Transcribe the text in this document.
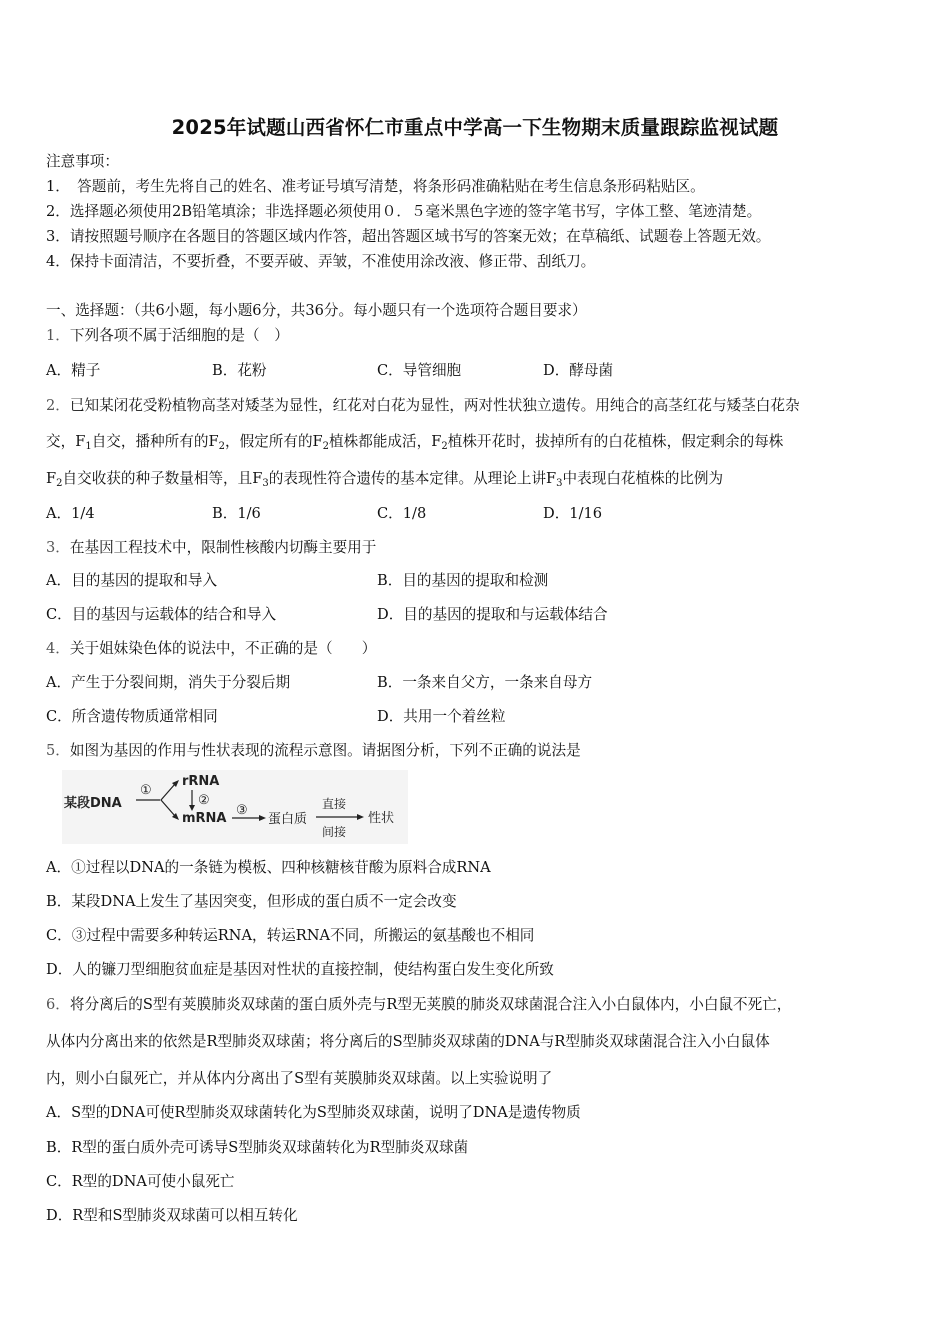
2025年试题山西省怀仁市重点中学高一下生物期末质量跟踪监视试题
注意事项：
1．　答题前，考生先将自己的姓名、准考证号填写清楚，将条形码准确粘贴在考生信息条形码粘贴区。
2．选择题必须使用2B铅笔填涂；非选择题必须使用０．５毫米黑色字迹的签字笔书写，字体工整、笔迹清楚。
3．请按照题号顺序在各题目的答题区域内作答，超出答题区域书写的答案无效；在草稿纸、试题卷上答题无效。
4．保持卡面清洁，不要折叠，不要弄破、弄皱，不准使用涂改液、修正带、刮纸刀。
一、选择题：（共6小题，每小题6分，共36分。每小题只有一个选项符合题目要求）
1．下列各项不属于活细胞的是（　）
A．精子	B．花粉	C．导管细胞	D．酵母菌
2．已知某闭花受粉植物高茎对矮茎为显性，红花对白花为显性，两对性状独立遗传。用纯合的高茎红花与矮茎白花杂
交，$F_1$自交，播种所有的$F_2$，假定所有的$F_2$植株都能成活，$F_2$植株开花时，拔掉所有的白花植株，假定剩余的每株
$F_2$自交收获的种子数量相等，且$F_3$的表现性符合遗传的基本定律。从理论上讲$F_3$中表现白花植株的比例为
A．1/4	B．1/6	C．1/8	D．1/16
3．在基因工程技术中，限制性核酸内切酶主要用于
A．目的基因的提取和导入	B．目的基因的提取和检测
C．目的基因与运载体的结合和导入	D．目的基因的提取和与运载体结合
4．关于姐妹染色体的说法中，不正确的是（　　）
A．产生于分裂间期，消失于分裂后期	B．一条来自父方，一条来自母方
C．所含遗传物质通常相同	D．共用一个着丝粒
5．如图为基因的作用与性状表现的流程示意图。请据图分析，下列不正确的说法是
某段DNA
①
rRNA
②
mRNA
③
蛋白质
直接
间接
性状
A．①过程以DNA的一条链为模板、四种核糖核苷酸为原料合成RNA
B．某段DNA上发生了基因突变，但形成的蛋白质不一定会改变
C．③过程中需要多种转运RNA，转运RNA不同，所搬运的氨基酸也不相同
D．人的镰刀型细胞贫血症是基因对性状的直接控制，使结构蛋白发生变化所致
6．将分离后的S型有荚膜肺炎双球菌的蛋白质外壳与R型无荚膜的肺炎双球菌混合注入小白鼠体内，小白鼠不死亡，
从体内分离出来的依然是R型肺炎双球菌；将分离后的S型肺炎双球菌的DNA与R型肺炎双球菌混合注入小白鼠体
内，则小白鼠死亡，并从体内分离出了S型有荚膜肺炎双球菌。以上实验说明了
A．S型的DNA可使R型肺炎双球菌转化为S型肺炎双球菌，说明了DNA是遗传物质
B．R型的蛋白质外壳可诱导S型肺炎双球菌转化为R型肺炎双球菌
C．R型的DNA可使小鼠死亡
D．R型和S型肺炎双球菌可以相互转化
